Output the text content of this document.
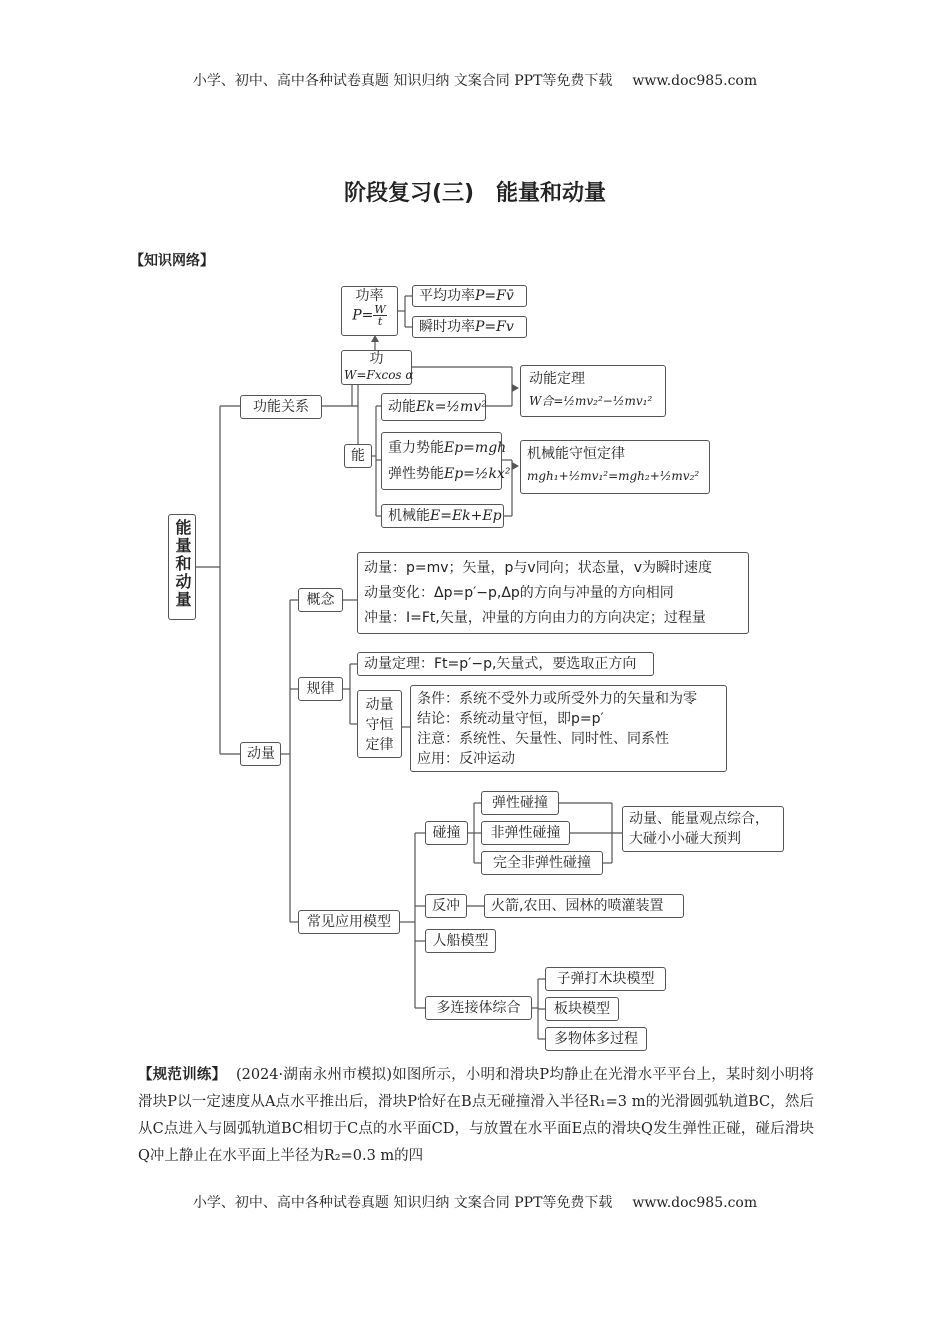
小学、初中、高中各种试卷真题 知识归纳 文案合同 PPT等免费下载 www.doc985.com
阶段复习(三)　能量和动量
【知识网络】
能量和动量
功能关系
功率
$P= \frac{W}{t}$
平均功率P=Fv̄
瞬时功率P=Fv
功
W=Fxcos α
能
动能Ek=½mv²
重力势能Ep=mgh
弹性势能Ep=½kx²
机械能E=Ek+Ep
动能定理
W合=½mv₂²−½mv₁²
机械能守恒定律
mgh₁+½mv₁²=mgh₂+½mv₂²
动量
概念
动量：p=mv；矢量，p与v同向；状态量，v为瞬时速度
动量变化：Δp=p′−p,Δp的方向与冲量的方向相同
冲量：I=Ft,矢量，冲量的方向由力的方向决定；过程量
规律
动量定理：Ft=p′−p,矢量式，要选取正方向
动量守恒定律
条件：系统不受外力或所受外力的矢量和为零
结论：系统动量守恒，即p=p′
注意：系统性、矢量性、同时性、同系性
应用：反冲运动
常见应用模型
碰撞
弹性碰撞
非弹性碰撞
完全非弹性碰撞
动量、能量观点综合，
大碰小小碰大预判
反冲	火箭,农田、园林的喷灌装置
人船模型
多连接体综合
子弹打木块模型
板块模型
多物体多过程
【规范训练】 (2024·湖南永州市模拟)如图所示，小明和滑块P均静止在光滑水平平台上，某时刻小明将滑块P以一定速度从A点水平推出后，滑块P恰好在B点无碰撞滑入半径R₁=3 m的光滑圆弧轨道BC，然后从C点进入与圆弧轨道BC相切于C点的水平面CD，与放置在水平面E点的滑块Q发生弹性正碰，碰后滑块Q冲上静止在水平面上半径为R₂=0.3 m的四
小学、初中、高中各种试卷真题 知识归纳 文案合同 PPT等免费下载 www.doc985.com
